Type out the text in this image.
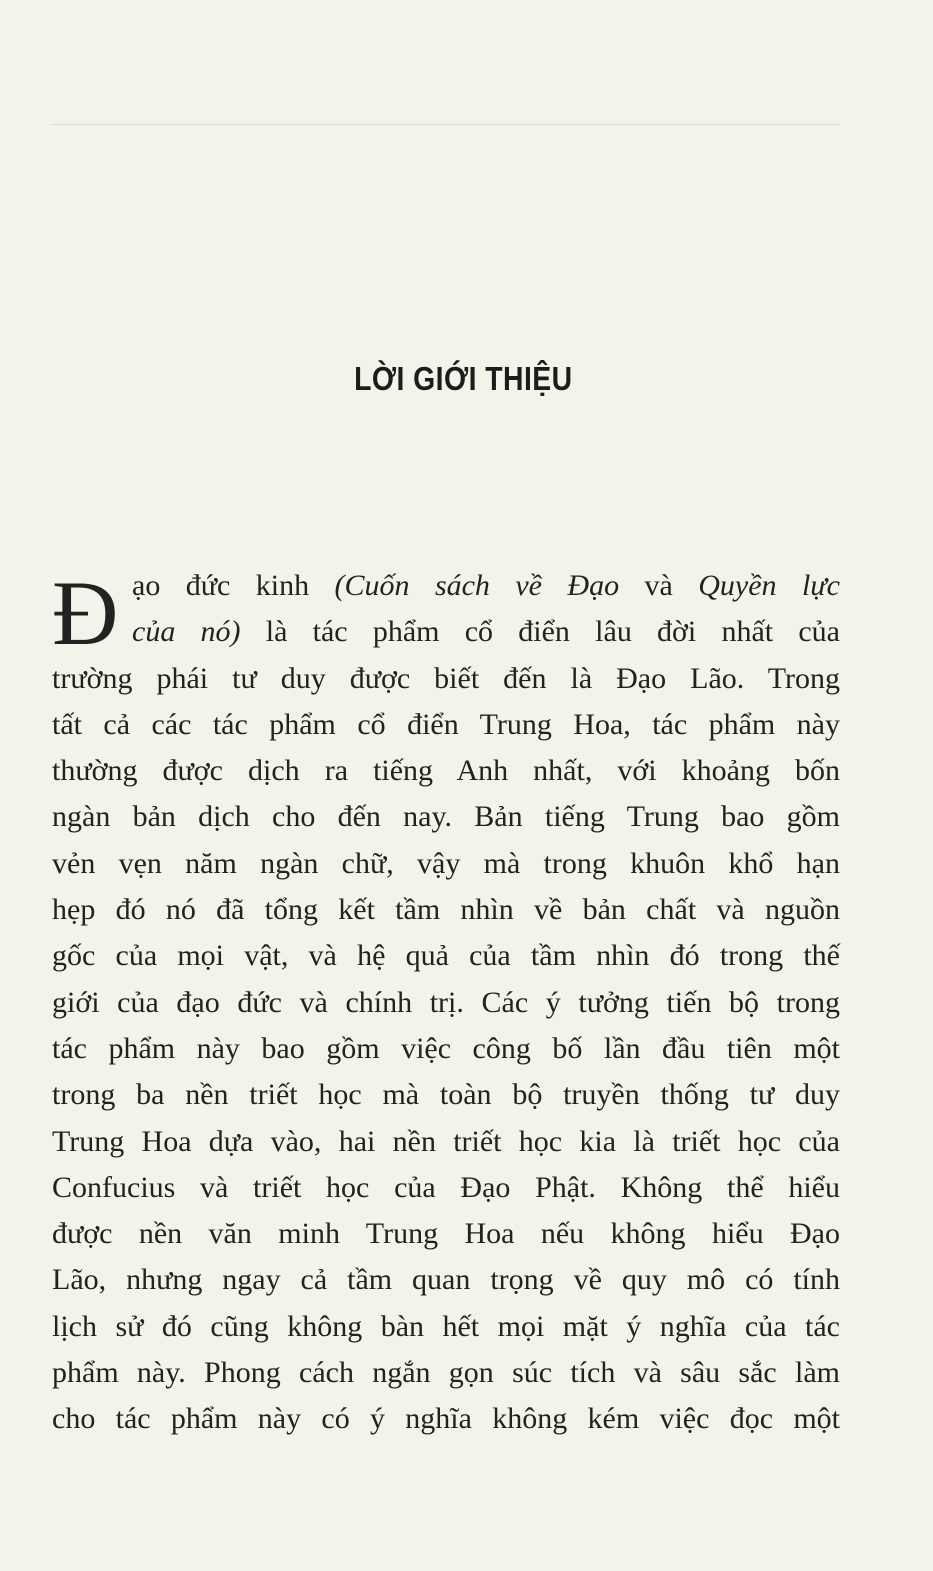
LỜI GIỚI THIỆU
Đ ạo đức kinh (Cuốn sách về Đạo và Quyền lực
của nó) là tác phẩm cổ điển lâu đời nhất của
trường phái tư duy được biết đến là Đạo Lão. Trong
tất cả các tác phẩm cổ điển Trung Hoa, tác phẩm này
thường được dịch ra tiếng Anh nhất, với khoảng bốn
ngàn bản dịch cho đến nay. Bản tiếng Trung bao gồm
vẻn vẹn năm ngàn chữ, vậy mà trong khuôn khổ hạn
hẹp đó nó đã tổng kết tầm nhìn về bản chất và nguồn
gốc của mọi vật, và hệ quả của tầm nhìn đó trong thế
giới của đạo đức và chính trị. Các ý tưởng tiến bộ trong
tác phẩm này bao gồm việc công bố lần đầu tiên một
trong ba nền triết học mà toàn bộ truyền thống tư duy
Trung Hoa dựa vào, hai nền triết học kia là triết học của
Confucius và triết học của Đạo Phật. Không thể hiểu
được nền văn minh Trung Hoa nếu không hiểu Đạo
Lão, nhưng ngay cả tầm quan trọng về quy mô có tính
lịch sử đó cũng không bàn hết mọi mặt ý nghĩa của tác
phẩm này. Phong cách ngắn gọn súc tích và sâu sắc làm
cho tác phẩm này có ý nghĩa không kém việc đọc một
